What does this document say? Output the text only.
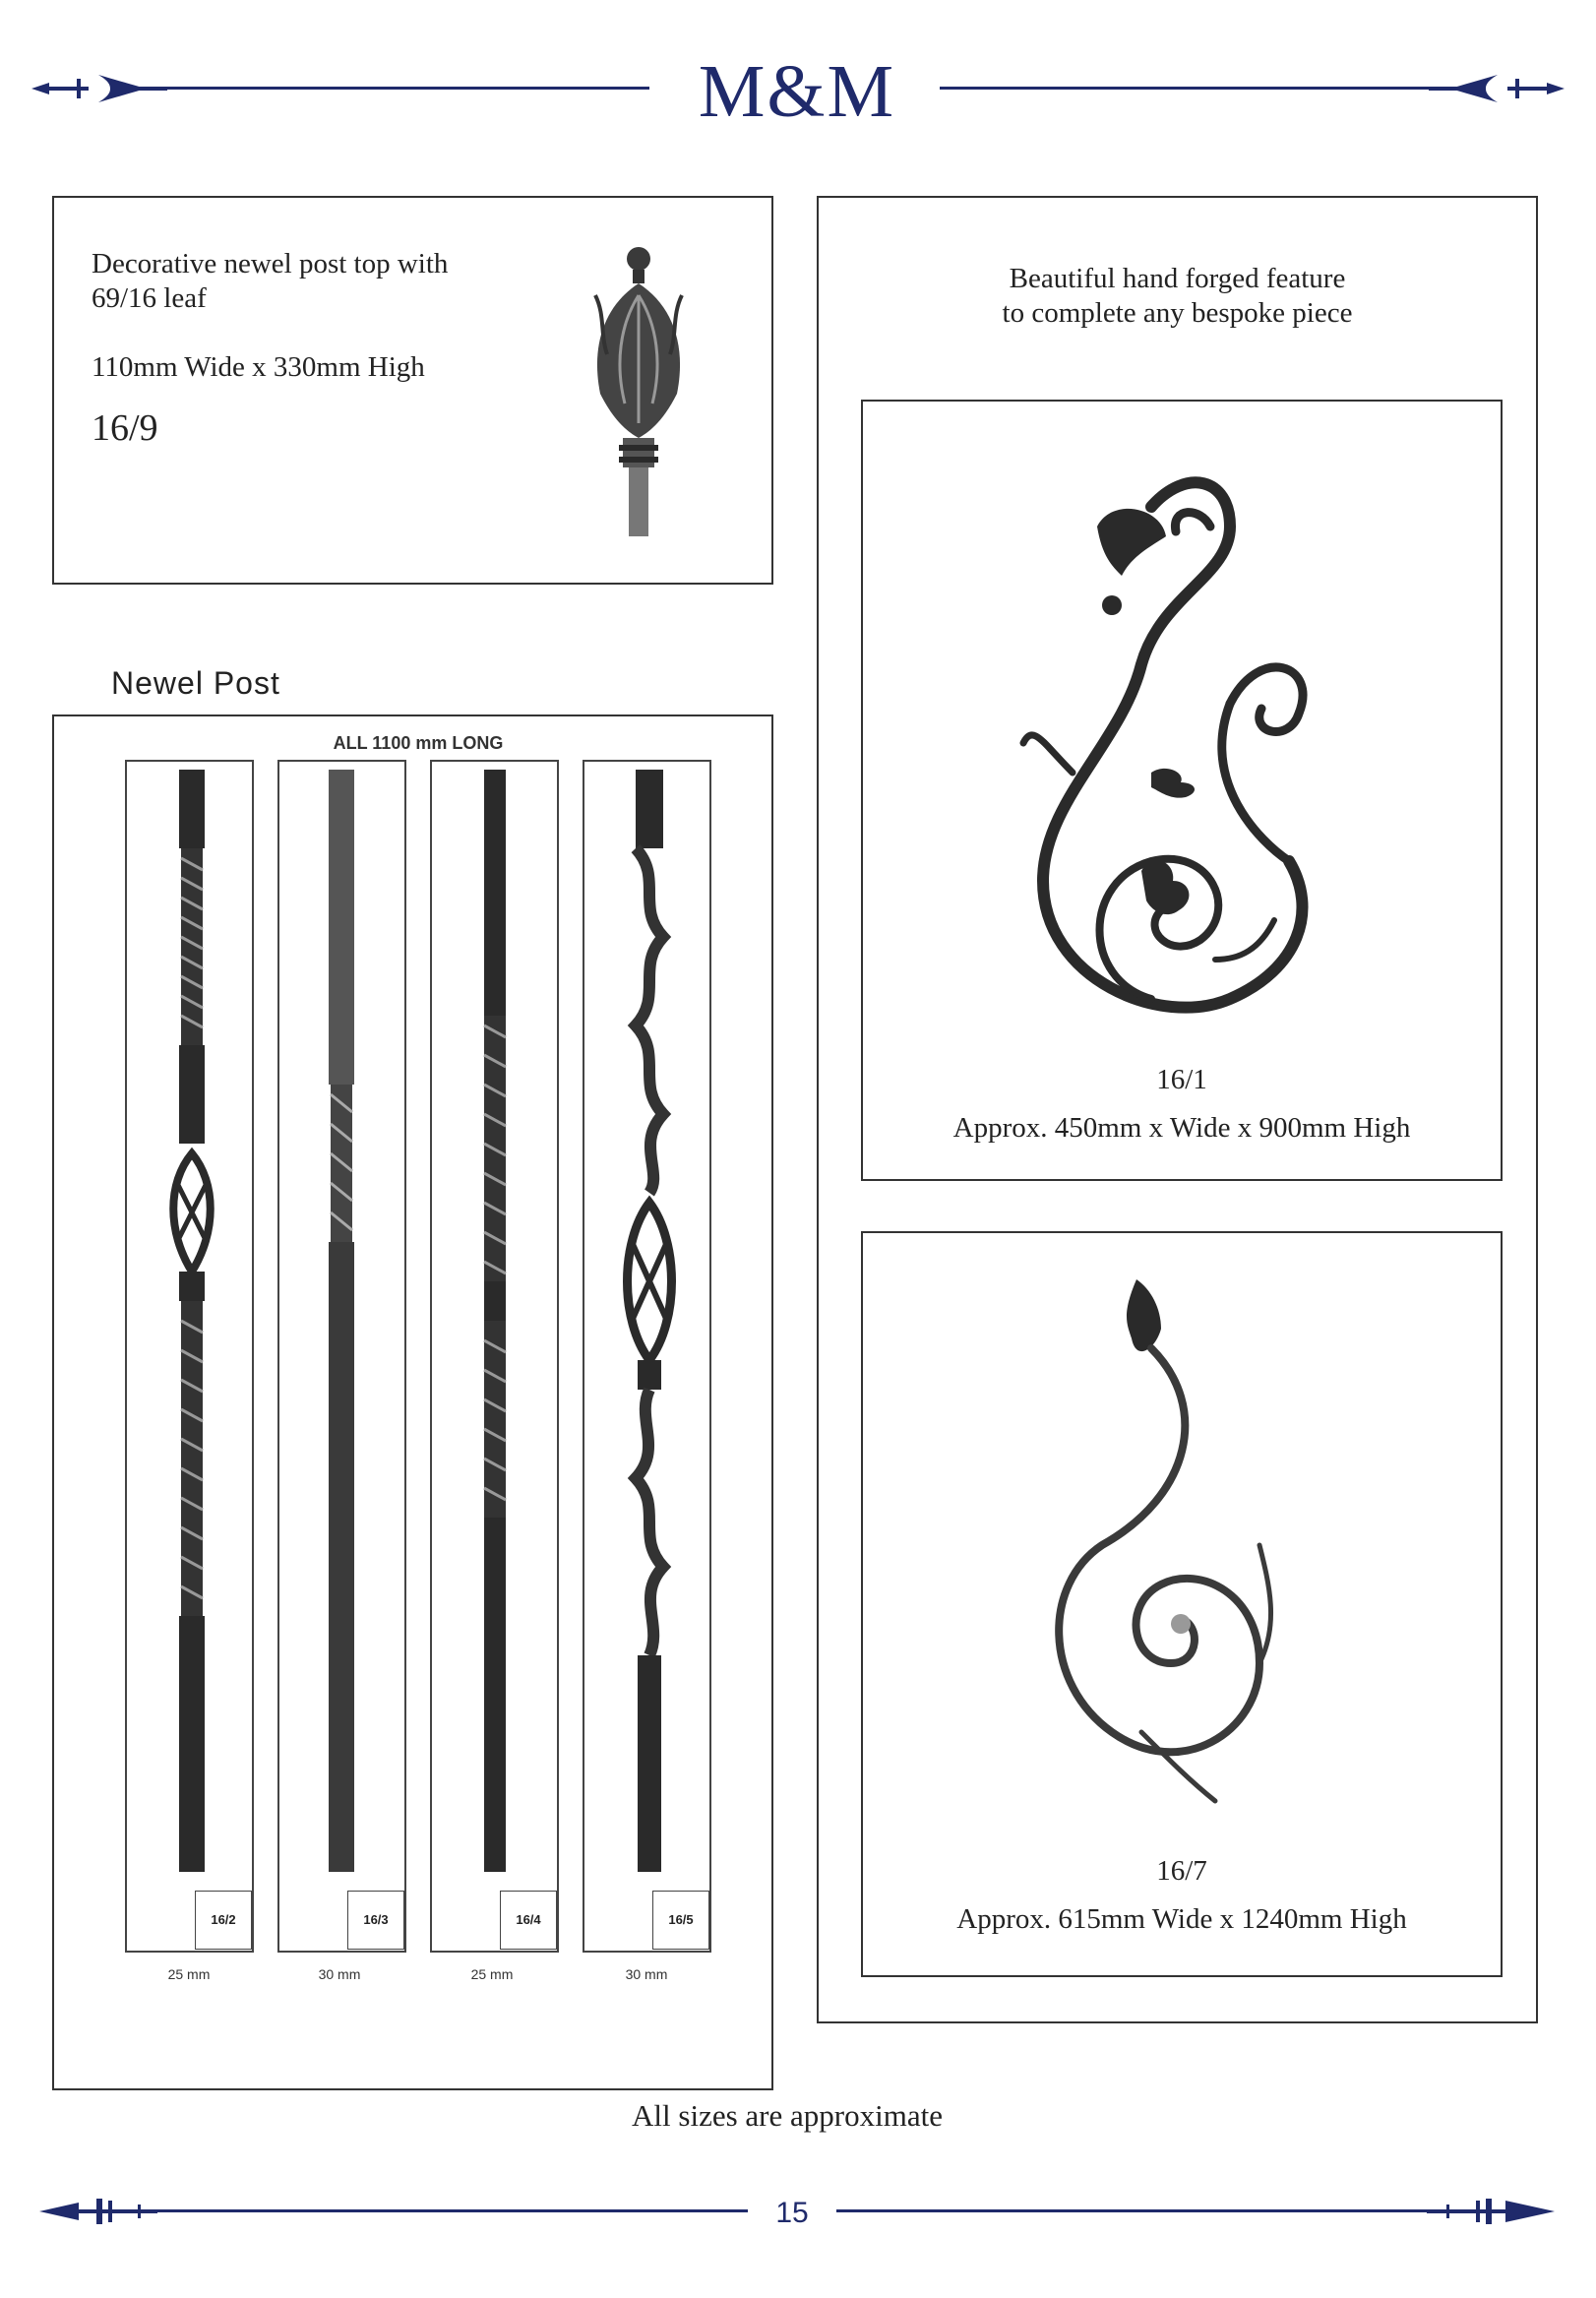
M&M
Decorative newel post top with
69/16 leaf
110mm Wide x 330mm High
16/9
Beautiful hand forged feature
to complete any bespoke piece
16/1
Approx. 450mm x Wide x 900mm High
16/7
Approx. 615mm Wide x 1240mm High
Newel Post
ALL 1100 mm LONG
16/2
25 mm
16/3
30 mm
16/4
25 mm
16/5
30 mm
All sizes are approximate
15
